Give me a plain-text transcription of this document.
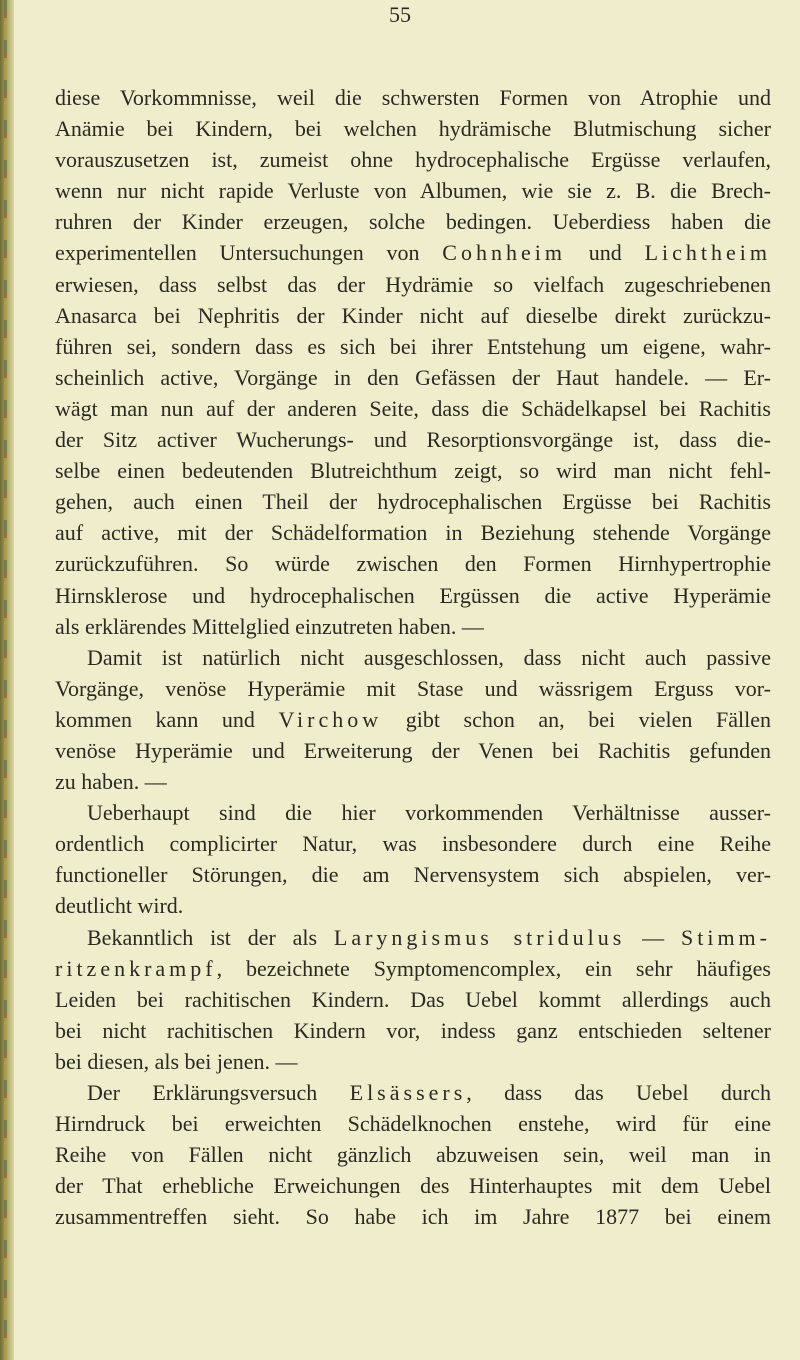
55
diese Vorkommnisse, weil die schwersten Formen von Atrophie und
Anämie bei Kindern, bei welchen hydrämische Blutmischung sicher
vorauszusetzen ist, zumeist ohne hydrocephalische Ergüsse verlaufen,
wenn nur nicht rapide Verluste von Albumen, wie sie z. B. die Brech-
ruhren der Kinder erzeugen, solche bedingen. Ueberdiess haben die
experimentellen Untersuchungen von Cohnheim und Lichtheim
erwiesen, dass selbst das der Hydrämie so vielfach zugeschriebenen
Anasarca bei Nephritis der Kinder nicht auf dieselbe direkt zurückzu-
führen sei, sondern dass es sich bei ihrer Entstehung um eigene, wahr-
scheinlich active, Vorgänge in den Gefässen der Haut handele. — Er-
wägt man nun auf der anderen Seite, dass die Schädelkapsel bei Rachitis
der Sitz activer Wucherungs- und Resorptionsvorgänge ist, dass die-
selbe einen bedeutenden Blutreichthum zeigt, so wird man nicht fehl-
gehen, auch einen Theil der hydrocephalischen Ergüsse bei Rachitis
auf active, mit der Schädelformation in Beziehung stehende Vorgänge
zurückzuführen. So würde zwischen den Formen Hirnhypertrophie
Hirnsklerose und hydrocephalischen Ergüssen die active Hyperämie
als erklärendes Mittelglied einzutreten haben. —
Damit ist natürlich nicht ausgeschlossen, dass nicht auch passive
Vorgänge, venöse Hyperämie mit Stase und wässrigem Erguss vor-
kommen kann und Virchow gibt schon an, bei vielen Fällen
venöse Hyperämie und Erweiterung der Venen bei Rachitis gefunden
zu haben. —
Ueberhaupt sind die hier vorkommenden Verhältnisse ausser-
ordentlich complicirter Natur, was insbesondere durch eine Reihe
functioneller Störungen, die am Nervensystem sich abspielen, ver-
deutlicht wird.
Bekanntlich ist der als Laryngismus stridulus — Stimm-
ritzenkrampf, bezeichnete Symptomencomplex, ein sehr häufiges
Leiden bei rachitischen Kindern. Das Uebel kommt allerdings auch
bei nicht rachitischen Kindern vor, indess ganz entschieden seltener
bei diesen, als bei jenen. —
Der Erklärungsversuch Elsässers, dass das Uebel durch
Hirndruck bei erweichten Schädelknochen enstehe, wird für eine
Reihe von Fällen nicht gänzlich abzuweisen sein, weil man in
der That erhebliche Erweichungen des Hinterhauptes mit dem Uebel
zusammentreffen sieht. So habe ich im Jahre 1877 bei einem
